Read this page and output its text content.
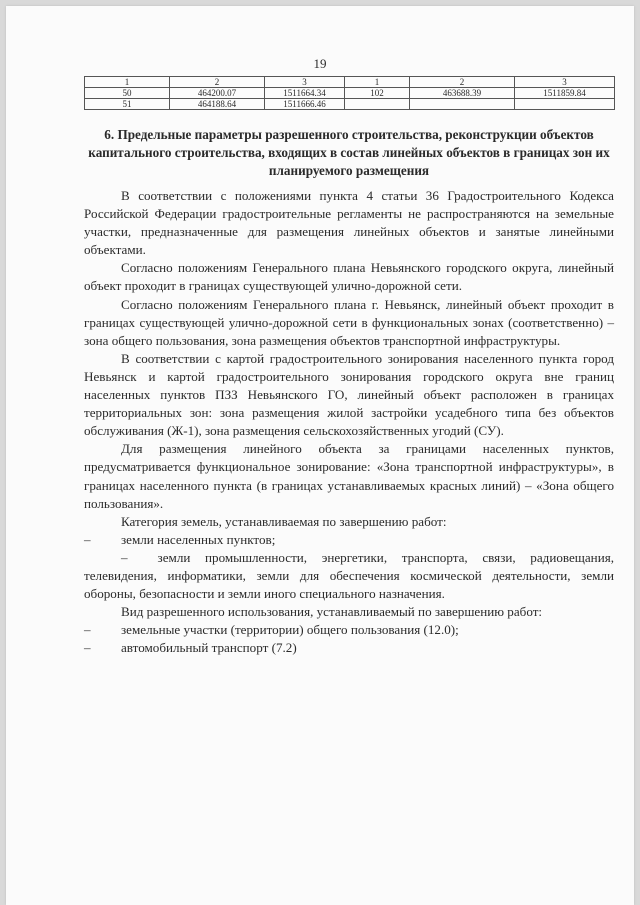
19
1	2	3	1	2	3
50	464200.07	1511664.34	102	463688.39	1511859.84
51	464188.64	1511666.46			
6. Предельные параметры разрешенного строительства, реконструкции объектов капитального строительства, входящих в состав линейных объектов в границах зон их планируемого размещения

В соответствии с положениями пункта 4 статьи 36 Градостроительного Кодекса Российской Федерации градостроительные регламенты не распространяются на земельные участки, предназначенные для размещения линейных объектов и занятые линейными объектами.

Согласно положениям Генерального плана Невьянского городского округа, линейный объект проходит в границах существующей улично-дорожной сети.

Согласно положениям Генерального плана г. Невьянск, линейный объект проходит в границах существующей улично-дорожной сети в функциональных зонах (соответственно) – зона общего пользования, зона размещения объектов транспортной инфраструктуры.

В соответствии с картой градостроительного зонирования населенного пункта город Невьянск и картой градостроительного зонирования городского округа вне границ населенных пунктов ПЗЗ Невьянского ГО, линейный объект расположен в границах территориальных зон: зона размещения жилой застройки усадебного типа без объектов обслуживания (Ж-1), зона размещения сельскохозяйственных угодий (СУ).

Для размещения линейного объекта за границами населенных пунктов, предусматривается функциональное зонирование: «Зона транспортной инфраструктуры», в границах населенного пункта (в границах устанавливаемых красных линий) – «Зона общего пользования».

Категория земель, устанавливаемая по завершению работ:

–	земли населенных пунктов;

– земли промышленности, энергетики, транспорта, связи, радиовещания, телевидения, информатики, земли для обеспечения космической деятельности, земли обороны, безопасности и земли иного специального назначения.

Вид разрешенного использования, устанавливаемый по завершению работ:

–	земельные участки (территории) общего пользования (12.0);

–	автомобильный транспорт (7.2)
